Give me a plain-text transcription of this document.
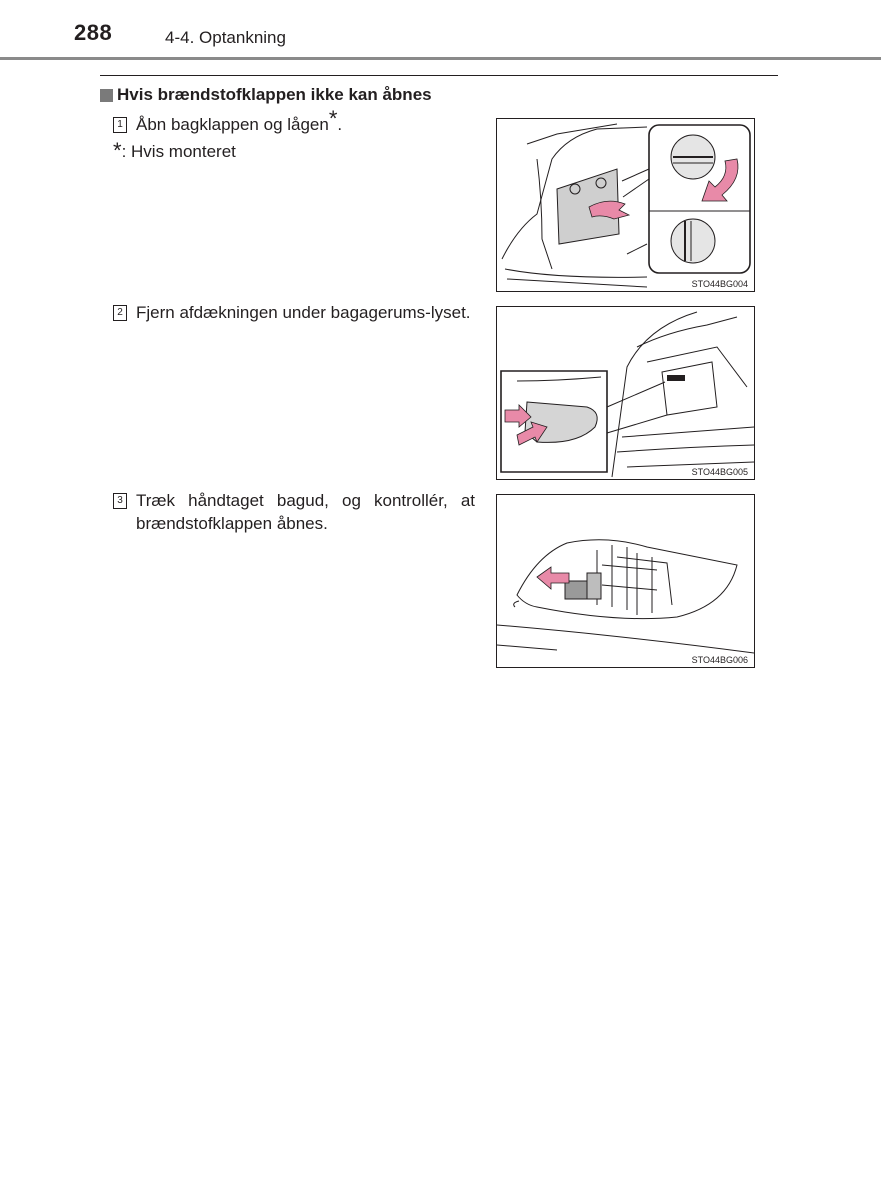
288	4-4. Optankning
Hvis brændstofklappen ikke kan åbnes
1 Åbn bagklappen og lågen*.
*: Hvis monteret
2 Fjern afdækningen under bagagerums-lyset.
3 Træk håndtaget bagud, og kontrollér, at brændstofklappen åbnes.
STO44BG004
STO44BG005
STO44BG006
